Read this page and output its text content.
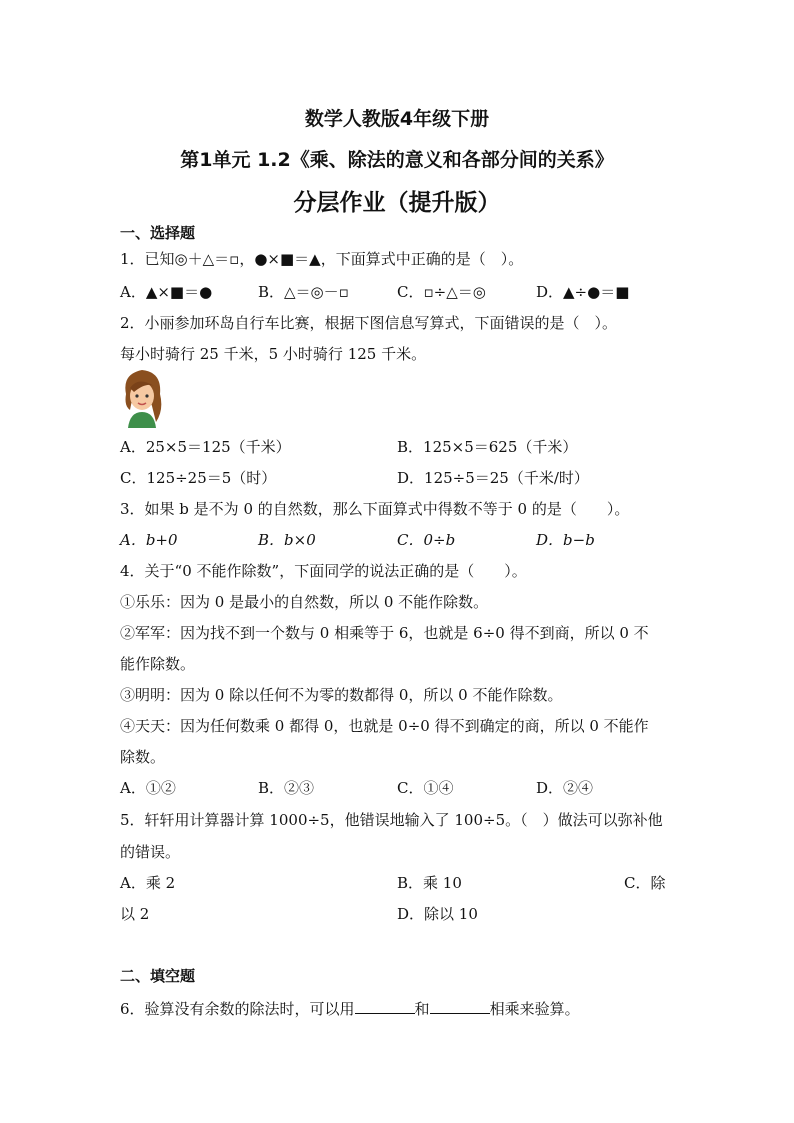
数学人教版4年级下册
第1单元 1.2《乘、除法的意义和各部分间的关系》
分层作业（提升版）
一、选择题
1．已知◎＋△＝▫，●×■＝▲，下面算式中正确的是（　）。
A．▲×■＝●	B．△＝◎－▫	C．▫÷△＝◎	D．▲÷●＝■
2．小丽参加环岛自行车比赛，根据下图信息写算式，下面错误的是（　）。
每小时骑行 25 千米，5 小时骑行 125 千米。
A．25×5＝125（千米）	B．125×5＝625（千米）
C．125÷25＝5（时）	D．125÷5＝25（千米/时）
3．如果 b 是不为 0 的自然数，那么下面算式中得数不等于 0 的是（　　）。
A．b+0	B．b×0	C．0÷b	D．b−b
4．关于“0 不能作除数”，下面同学的说法正确的是（　　）。
①乐乐：因为 0 是最小的自然数，所以 0 不能作除数。
②军军：因为找不到一个数与 0 相乘等于 6，也就是 6÷0 得不到商，所以 0 不
能作除数。
③明明：因为 0 除以任何不为零的数都得 0，所以 0 不能作除数。
④天天：因为任何数乘 0 都得 0，也就是 0÷0 得不到确定的商，所以 0 不能作
除数。
A．①②	B．②③	C．①④	D．②④
5．轩轩用计算器计算 1000÷5，他错误地输入了 100÷5。（　）做法可以弥补他
的错误。
A．乘 2	B．乘 10	C．除
以 2	D．除以 10
二、填空题
6．验算没有余数的除法时，可以用	和	相乘来验算。
